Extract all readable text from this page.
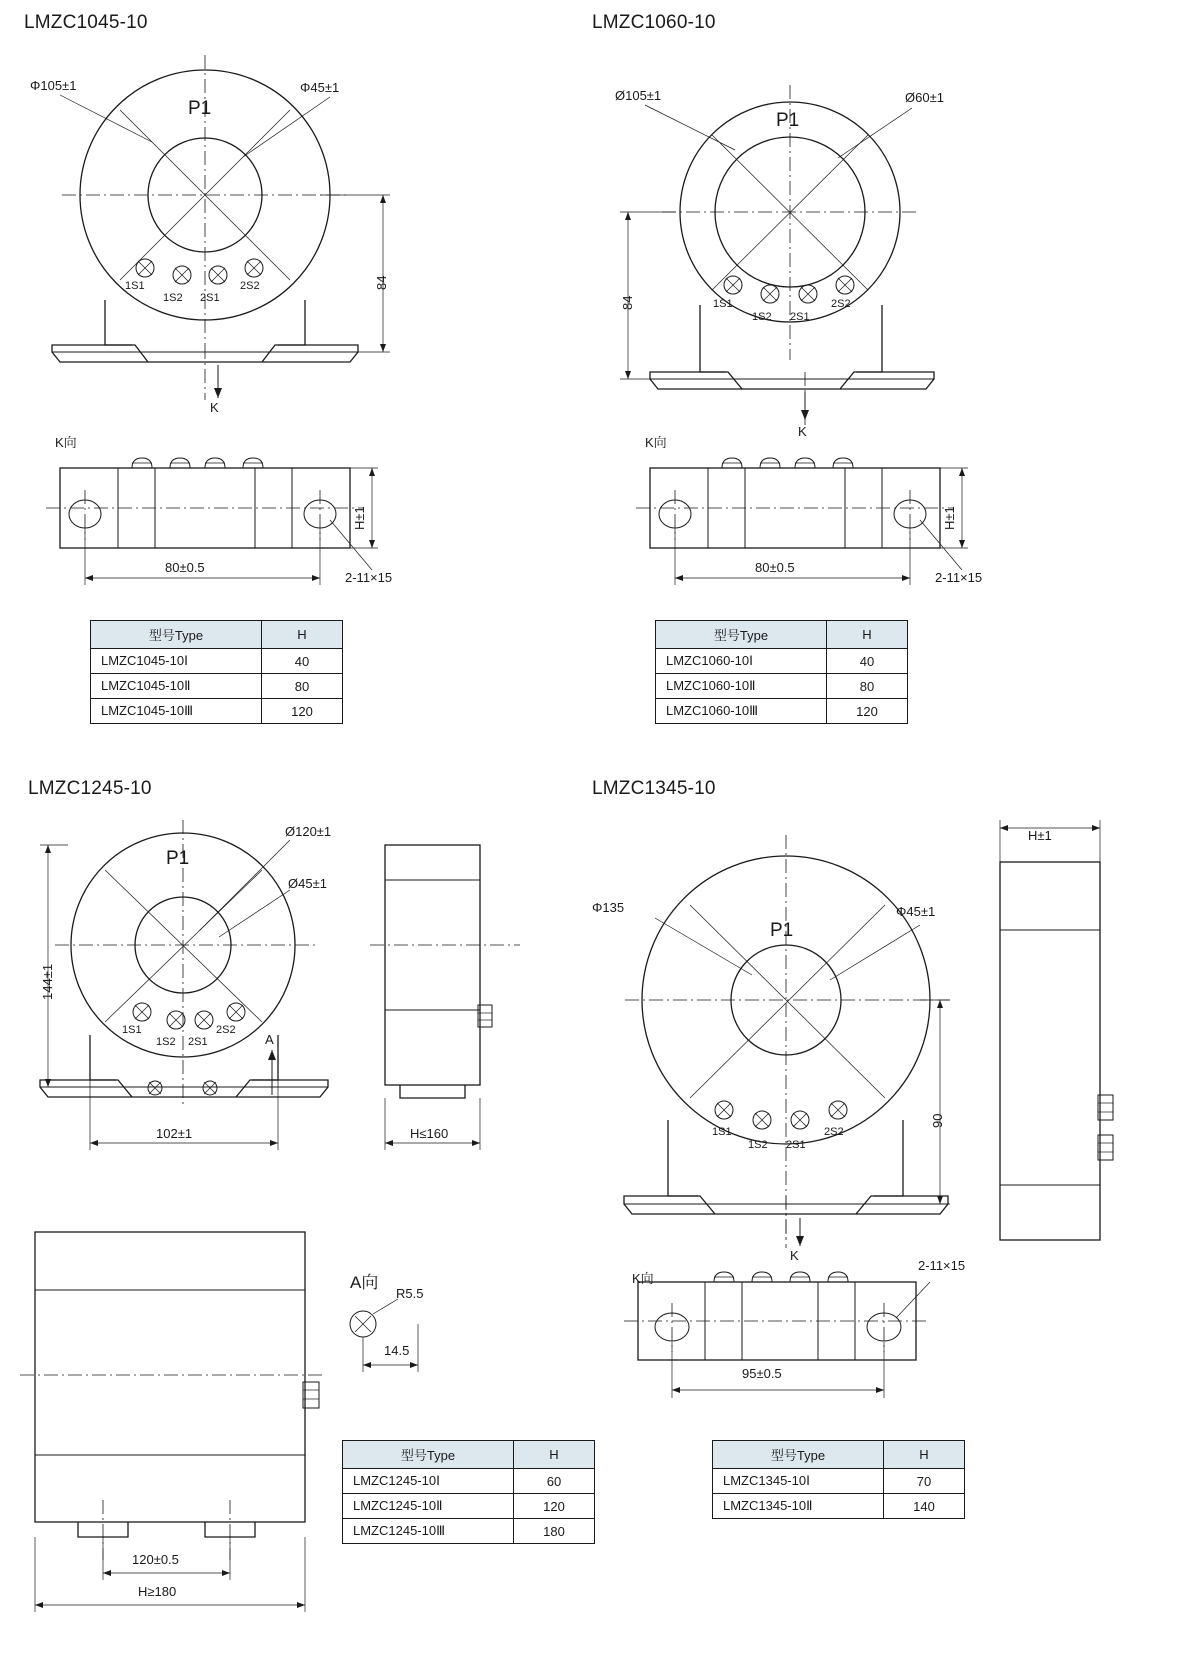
LMZC1045-10
Φ105±1	Φ45±1
P1
84
K
1S1
1S2 2S1
2S2
K向
H±1
80±0.5
2-11×15
型号Type	H
LMZC1045-10Ⅰ	40
LMZC1045-10Ⅱ	80
LMZC1045-10Ⅲ	120
LMZC1060-10
Ø105±1	Ø60±1
P1
84
K
1S1
1S2 2S1
2S2
K向
H±1
80±0.5
2-11×15
型号Type	H
LMZC1060-10Ⅰ	40
LMZC1060-10Ⅱ	80
LMZC1060-10Ⅲ	120
LMZC1245-10
Ø120±1
Ø45±1
P1
144±1
1S1
1S2 2S1
2S2
A
102±1	H≤160
A向
R5.5
14.5
120±0.5
H≥180
型号Type	H
LMZC1245-10Ⅰ	60
LMZC1245-10Ⅱ	120
LMZC1245-10Ⅲ	180
LMZC1345-10
Φ135	Φ45±1
P1
90
1S1
1S2 2S1
2S2
K
K向
2-11×15
95±0.5
H±1
型号Type	H
LMZC1345-10Ⅰ	70
LMZC1345-10Ⅱ	140
